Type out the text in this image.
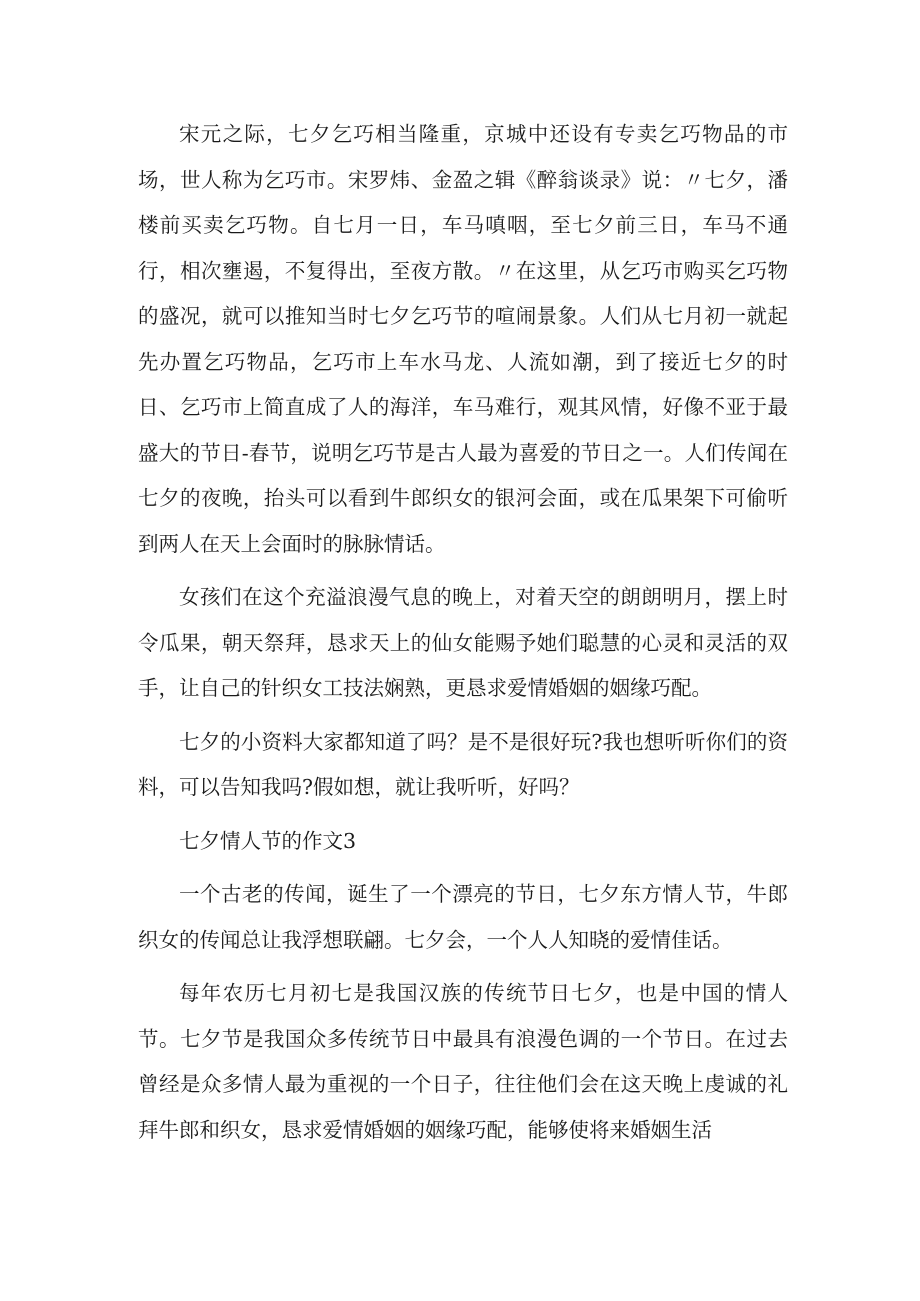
宋元之际，七夕乞巧相当隆重，京城中还设有专卖乞巧物品的市场，世人称为乞巧市。宋罗炜、金盈之辑《醉翁谈录》说：〃七夕，潘楼前买卖乞巧物。自七月一日，车马嗔咽，至七夕前三日，车马不通行，相次壅遏，不复得出，至夜方散。〃在这里，从乞巧市购买乞巧物的盛况，就可以推知当时七夕乞巧节的喧闹景象。人们从七月初一就起先办置乞巧物品，乞巧市上车水马龙、人流如潮，到了接近七夕的时日、乞巧市上简直成了人的海洋，车马难行，观其风情，好像不亚于最盛大的节日-春节，说明乞巧节是古人最为喜爱的节日之一。人们传闻在七夕的夜晚，抬头可以看到牛郎织女的银河会面，或在瓜果架下可偷听到两人在天上会面时的脉脉情话。

女孩们在这个充溢浪漫气息的晚上，对着天空的朗朗明月，摆上时令瓜果，朝天祭拜，恳求天上的仙女能赐予她们聪慧的心灵和灵活的双手，让自己的针织女工技法娴熟，更恳求爱情婚姻的姻缘巧配。

七夕的小资料大家都知道了吗？是不是很好玩?我也想听听你们的资料，可以告知我吗?假如想，就让我听听，好吗？

七夕情人节的作文3

一个古老的传闻，诞生了一个漂亮的节日，七夕东方情人节，牛郎织女的传闻总让我浮想联翩。七夕会，一个人人知晓的爱情佳话。

每年农历七月初七是我国汉族的传统节日七夕，也是中国的情人节。七夕节是我国众多传统节日中最具有浪漫色调的一个节日。在过去曾经是众多情人最为重视的一个日子，往往他们会在这天晚上虔诚的礼拜牛郎和织女，恳求爱情婚姻的姻缘巧配，能够使将来婚姻生活
